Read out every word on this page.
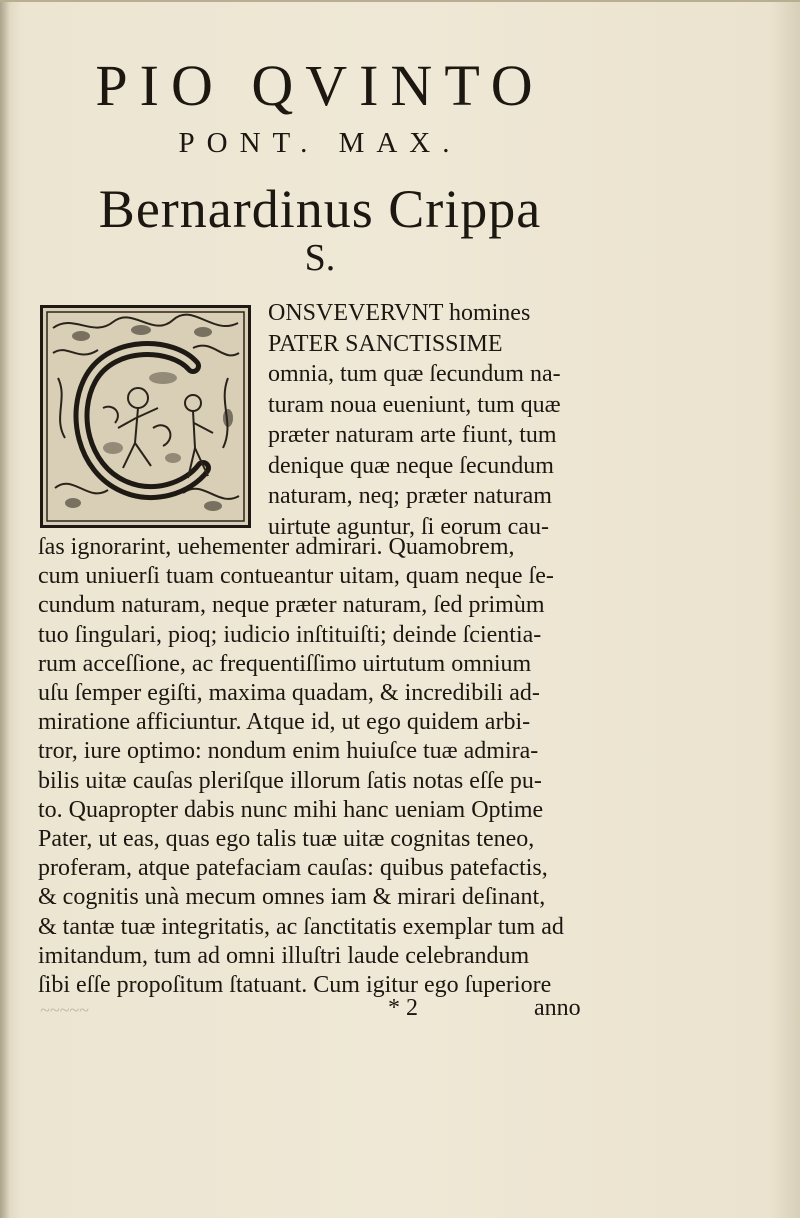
PIO QVINTO
PONT. MAX.
Bernardinus Crippa
S.
ONSVEVERVNT homines
PATER SANCTISSIME
omnia, tum quæ ſecundum na-
turam noua eueniunt, tum quæ
præter naturam arte fiunt, tum
denique quæ neque ſecundum
naturam, neq; præter naturam
uirtute aguntur, ſi eorum cau-
ſas ignorarint, uehementer admirari. Quamobrem,
cum uniuerſi tuam contueantur uitam, quam neque ſe-
cundum naturam, neque præter naturam, ſed primùm
tuo ſingulari, pioq; iudicio inſtituiſti; deinde ſcientia-
rum acceſſione, ac frequentiſſimo uirtutum omnium
uſu ſemper egiſti, maxima quadam, & incredibili ad-
miratione afficiuntur. Atque id, ut ego quidem arbi-
tror, iure optimo: nondum enim huiuſce tuæ admira-
bilis uitæ cauſas pleriſque illorum ſatis notas eſſe pu-
to. Quapropter dabis nunc mihi hanc ueniam Optime
Pater, ut eas, quas ego talis tuæ uitæ cognitas teneo,
proferam, atque patefaciam cauſas: quibus patefactis,
& cognitis unà mecum omnes iam & mirari deſinant,
& tantæ tuæ integritatis, ac ſanctitatis exemplar tum ad
imitandum, tum ad omni illuſtri laude celebrandum
ſibi eſſe propoſitum ſtatuant. Cum igitur ego ſuperiore
~~~~~	* 2	anno
